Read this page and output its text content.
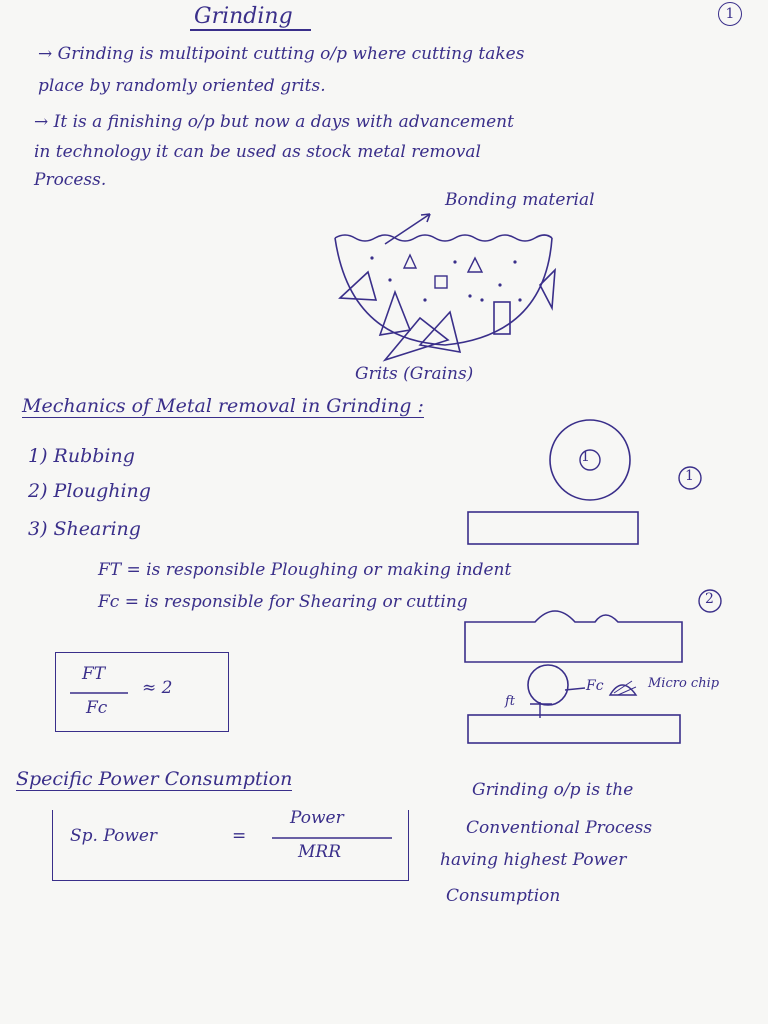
Grinding	1
→ Grinding is multipoint cutting o/p where cutting takes
place by randomly oriented grits.
→ It is a finishing o/p but now a days with advancement
in technology it can be used as stock metal removal
Process.
Bonding material
Grits (Grains)
Mechanics of Metal removal in Grinding :
1) Rubbing
2) Ploughing
3) Shearing
1
1
FT = is responsible Ploughing or making indent
Fc = is responsible for Shearing or cutting	2
FT
Fc
≈ 2	Fc
ft
Micro chip
Specific Power Consumption
Sp. Power	=
Power
MRR
Grinding o/p is the
Conventional Process
having highest Power
Consumption
